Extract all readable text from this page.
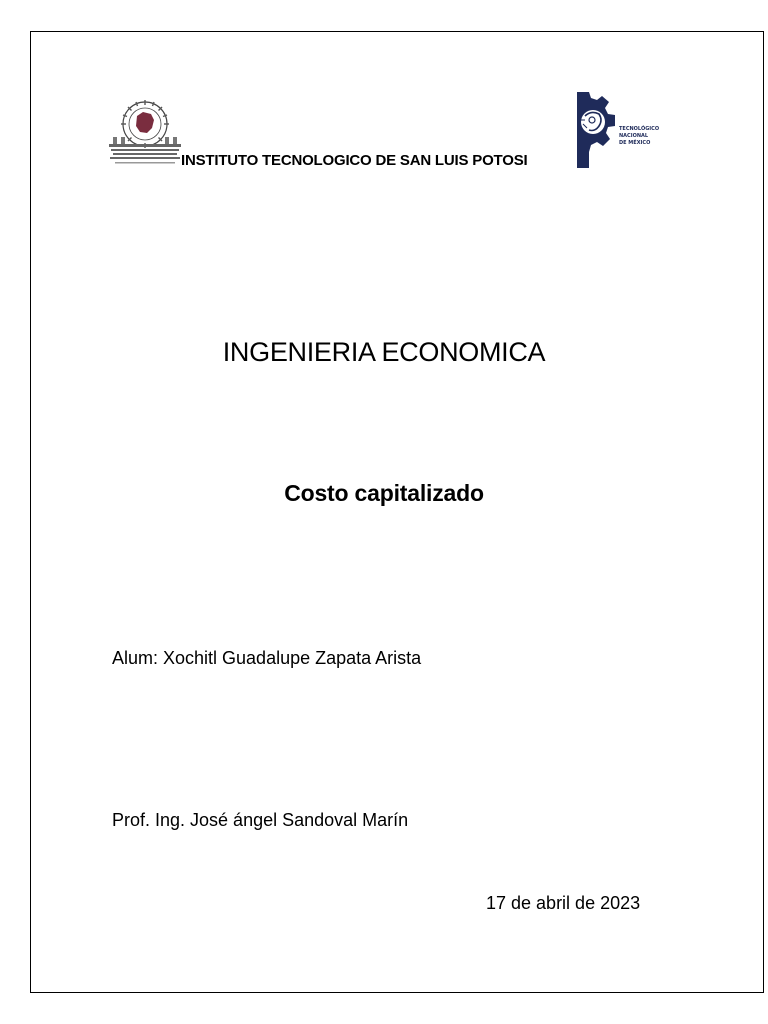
TECNOLÓGICO
NACIONAL
DE MÉXICO
INSTITUTO TECNOLOGICO DE SAN LUIS POTOSI
INGENIERIA ECONOMICA
Costo capitalizado
Alum: Xochitl Guadalupe Zapata Arista
Prof. Ing. José ángel Sandoval Marín
17 de abril de 2023
